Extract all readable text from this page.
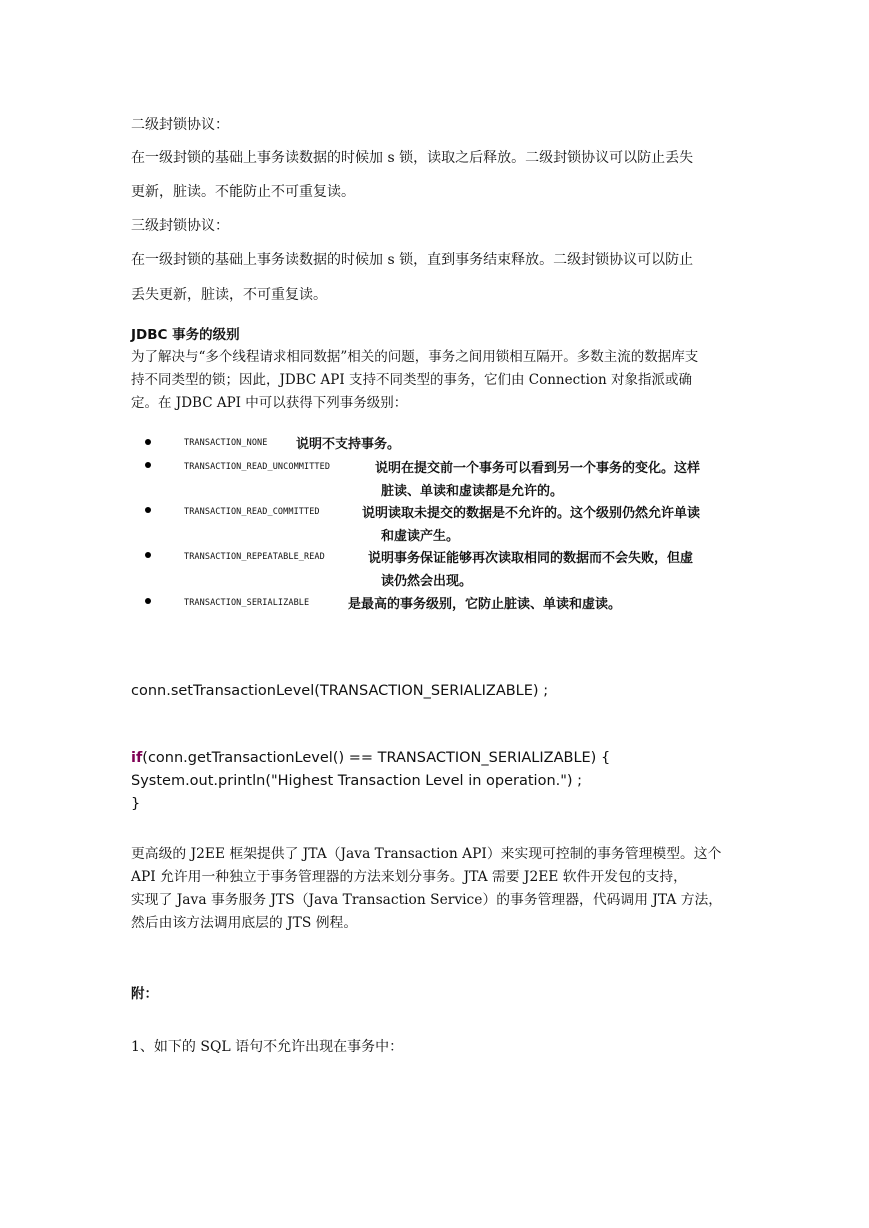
二级封锁协议：
在一级封锁的基础上事务读数据的时候加 s 锁，读取之后释放。二级封锁协议可以防止丢失
更新，脏读。不能防止不可重复读。
三级封锁协议：
在一级封锁的基础上事务读数据的时候加 s 锁，直到事务结束释放。二级封锁协议可以防止
丢失更新，脏读，不可重复读。
JDBC 事务的级别
为了解决与“多个线程请求相同数据”相关的问题，事务之间用锁相互隔开。多数主流的数据库支
持不同类型的锁；因此，JDBC API 支持不同类型的事务，它们由 Connection 对象指派或确
定。在 JDBC API 中可以获得下列事务级别：
TRANSACTION_NONE 说明不支持事务。
TRANSACTION_READ_UNCOMMITTED	说明在提交前一个事务可以看到另一个事务的变化。这样
脏读、单读和虚读都是允许的。
TRANSACTION_READ_COMMITTED	说明读取未提交的数据是不允许的。这个级别仍然允许单读
和虚读产生。
TRANSACTION_REPEATABLE_READ	说明事务保证能够再次读取相同的数据而不会失败，但虚
读仍然会出现。
TRANSACTION_SERIALIZABLE	是最高的事务级别，它防止脏读、单读和虚读。
conn.setTransactionLevel(TRANSACTION_SERIALIZABLE) ;
if(conn.getTransactionLevel() == TRANSACTION_SERIALIZABLE) {
System.out.println("Highest Transaction Level in operation.") ;
}
更高级的 J2EE 框架提供了 JTA（Java Transaction API）来实现可控制的事务管理模型。这个
API 允许用一种独立于事务管理器的方法来划分事务。JTA 需要 J2EE 软件开发包的支持，
实现了 Java 事务服务 JTS（Java Transaction Service）的事务管理器，代码调用 JTA 方法，
然后由该方法调用底层的 JTS 例程。
附：
1、如下的 SQL 语句不允许出现在事务中：
